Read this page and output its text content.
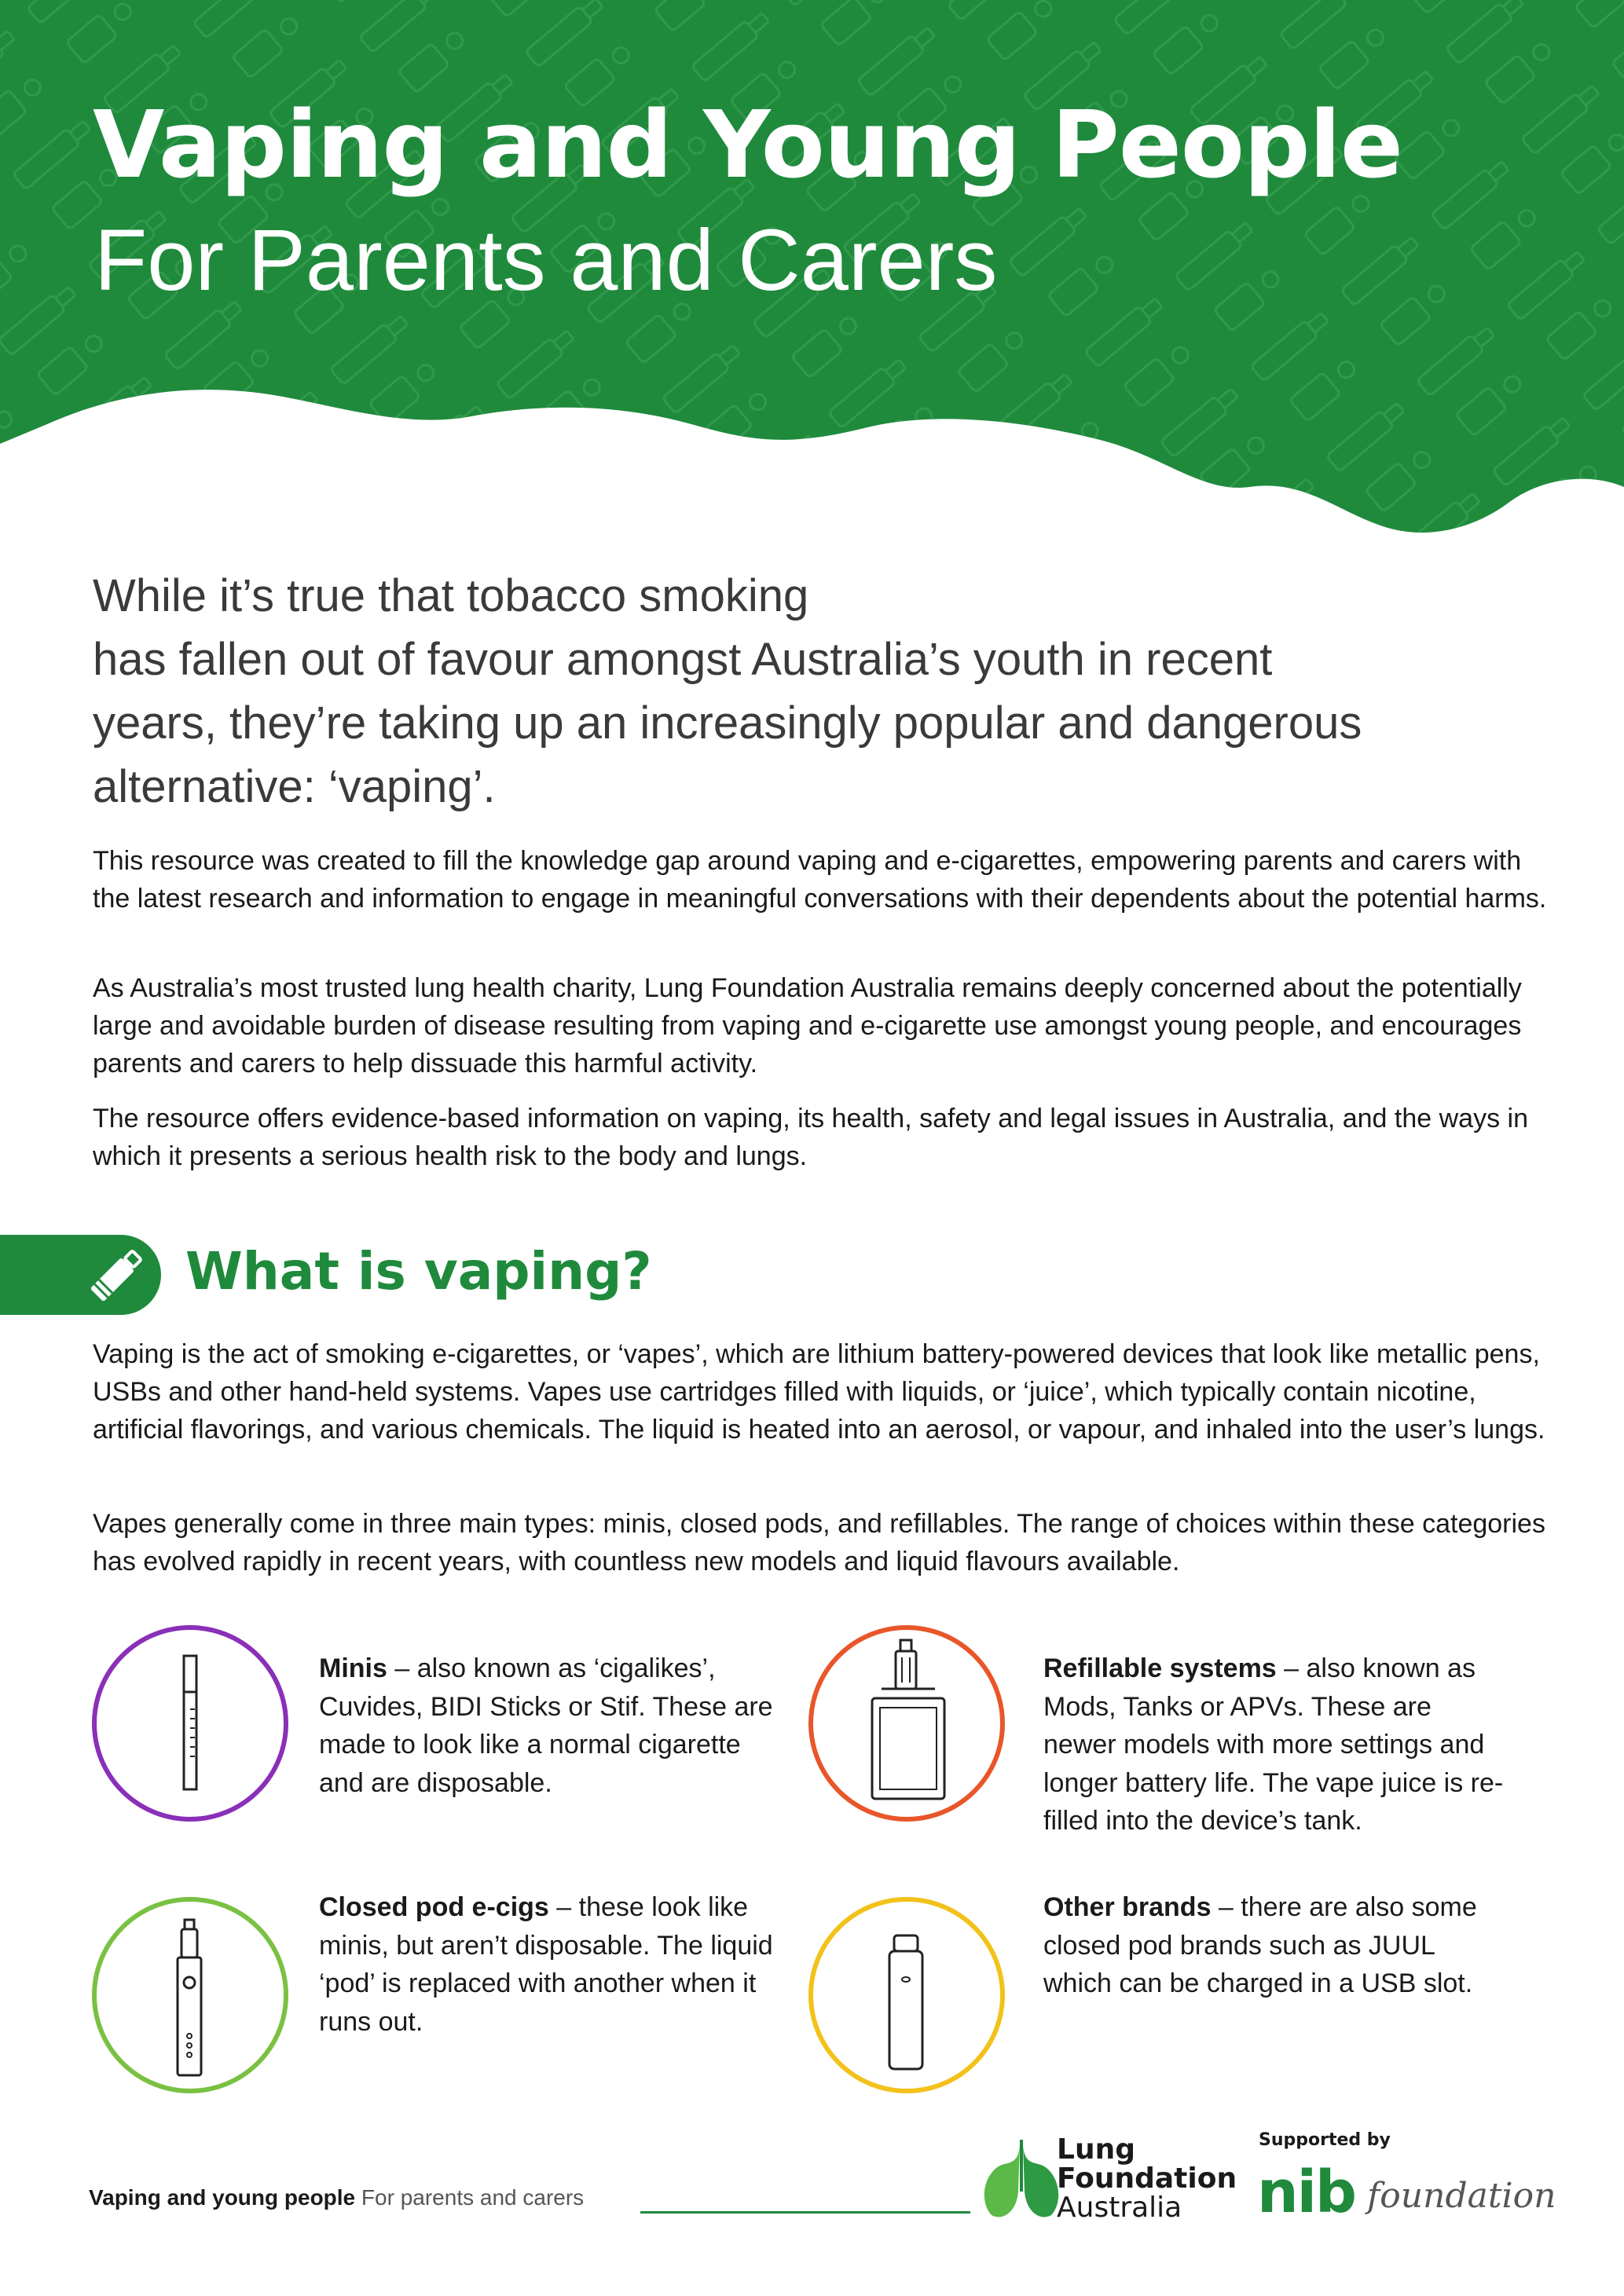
Vaping and Young People
For Parents and Carers
While it’s true that tobacco smoking
has fallen out of favour amongst Australia’s youth in recent
years, they’re taking up an increasingly popular and dangerous
alternative: ‘vaping’.

This resource was created to fill the knowledge gap around vaping and e-cigarettes, empowering parents and carers with the latest research and information to engage in meaningful conversations with their dependents about the potential harms.

As Australia’s most trusted lung health charity, Lung Foundation Australia remains deeply concerned about the potentially large and avoidable burden of disease resulting from vaping and e-cigarette use amongst young people, and encourages parents and carers to help dissuade this harmful activity.

The resource offers evidence-based information on vaping, its health, safety and legal issues in Australia, and the ways in which it presents a serious health risk to the body and lungs.

What is vaping?

Vaping is the act of smoking e-cigarettes, or ‘vapes’, which are lithium battery-powered devices that look like metallic pens, USBs and other hand-held systems. Vapes use cartridges filled with liquids, or ‘juice’, which typically contain nicotine, artificial flavorings, and various chemicals. The liquid is heated into an aerosol, or vapour, and inhaled into the user’s lungs.

Vapes generally come in three main types: minis, closed pods, and refillables. The range of choices within these categories has evolved rapidly in recent years, with countless new models and liquid flavours available.

Minis – also known as ‘cigalikes’, Cuvides, BIDI Sticks or Stif. These are made to look like a normal cigarette and are disposable.
Refillable systems – also known as Mods, Tanks or APVs. These are newer models with more settings and longer battery life. The vape juice is re-filled into the device’s tank.
Closed pod e-cigs – these look like minis, but aren’t disposable. The liquid ‘pod’ is replaced with another when it runs out.
Other brands – there are also some closed pod brands such as JUUL which can be charged in a USB slot.
Vaping and young people For parents and carers
Lung
Foundation
Australia
Supported by
nib foundation
